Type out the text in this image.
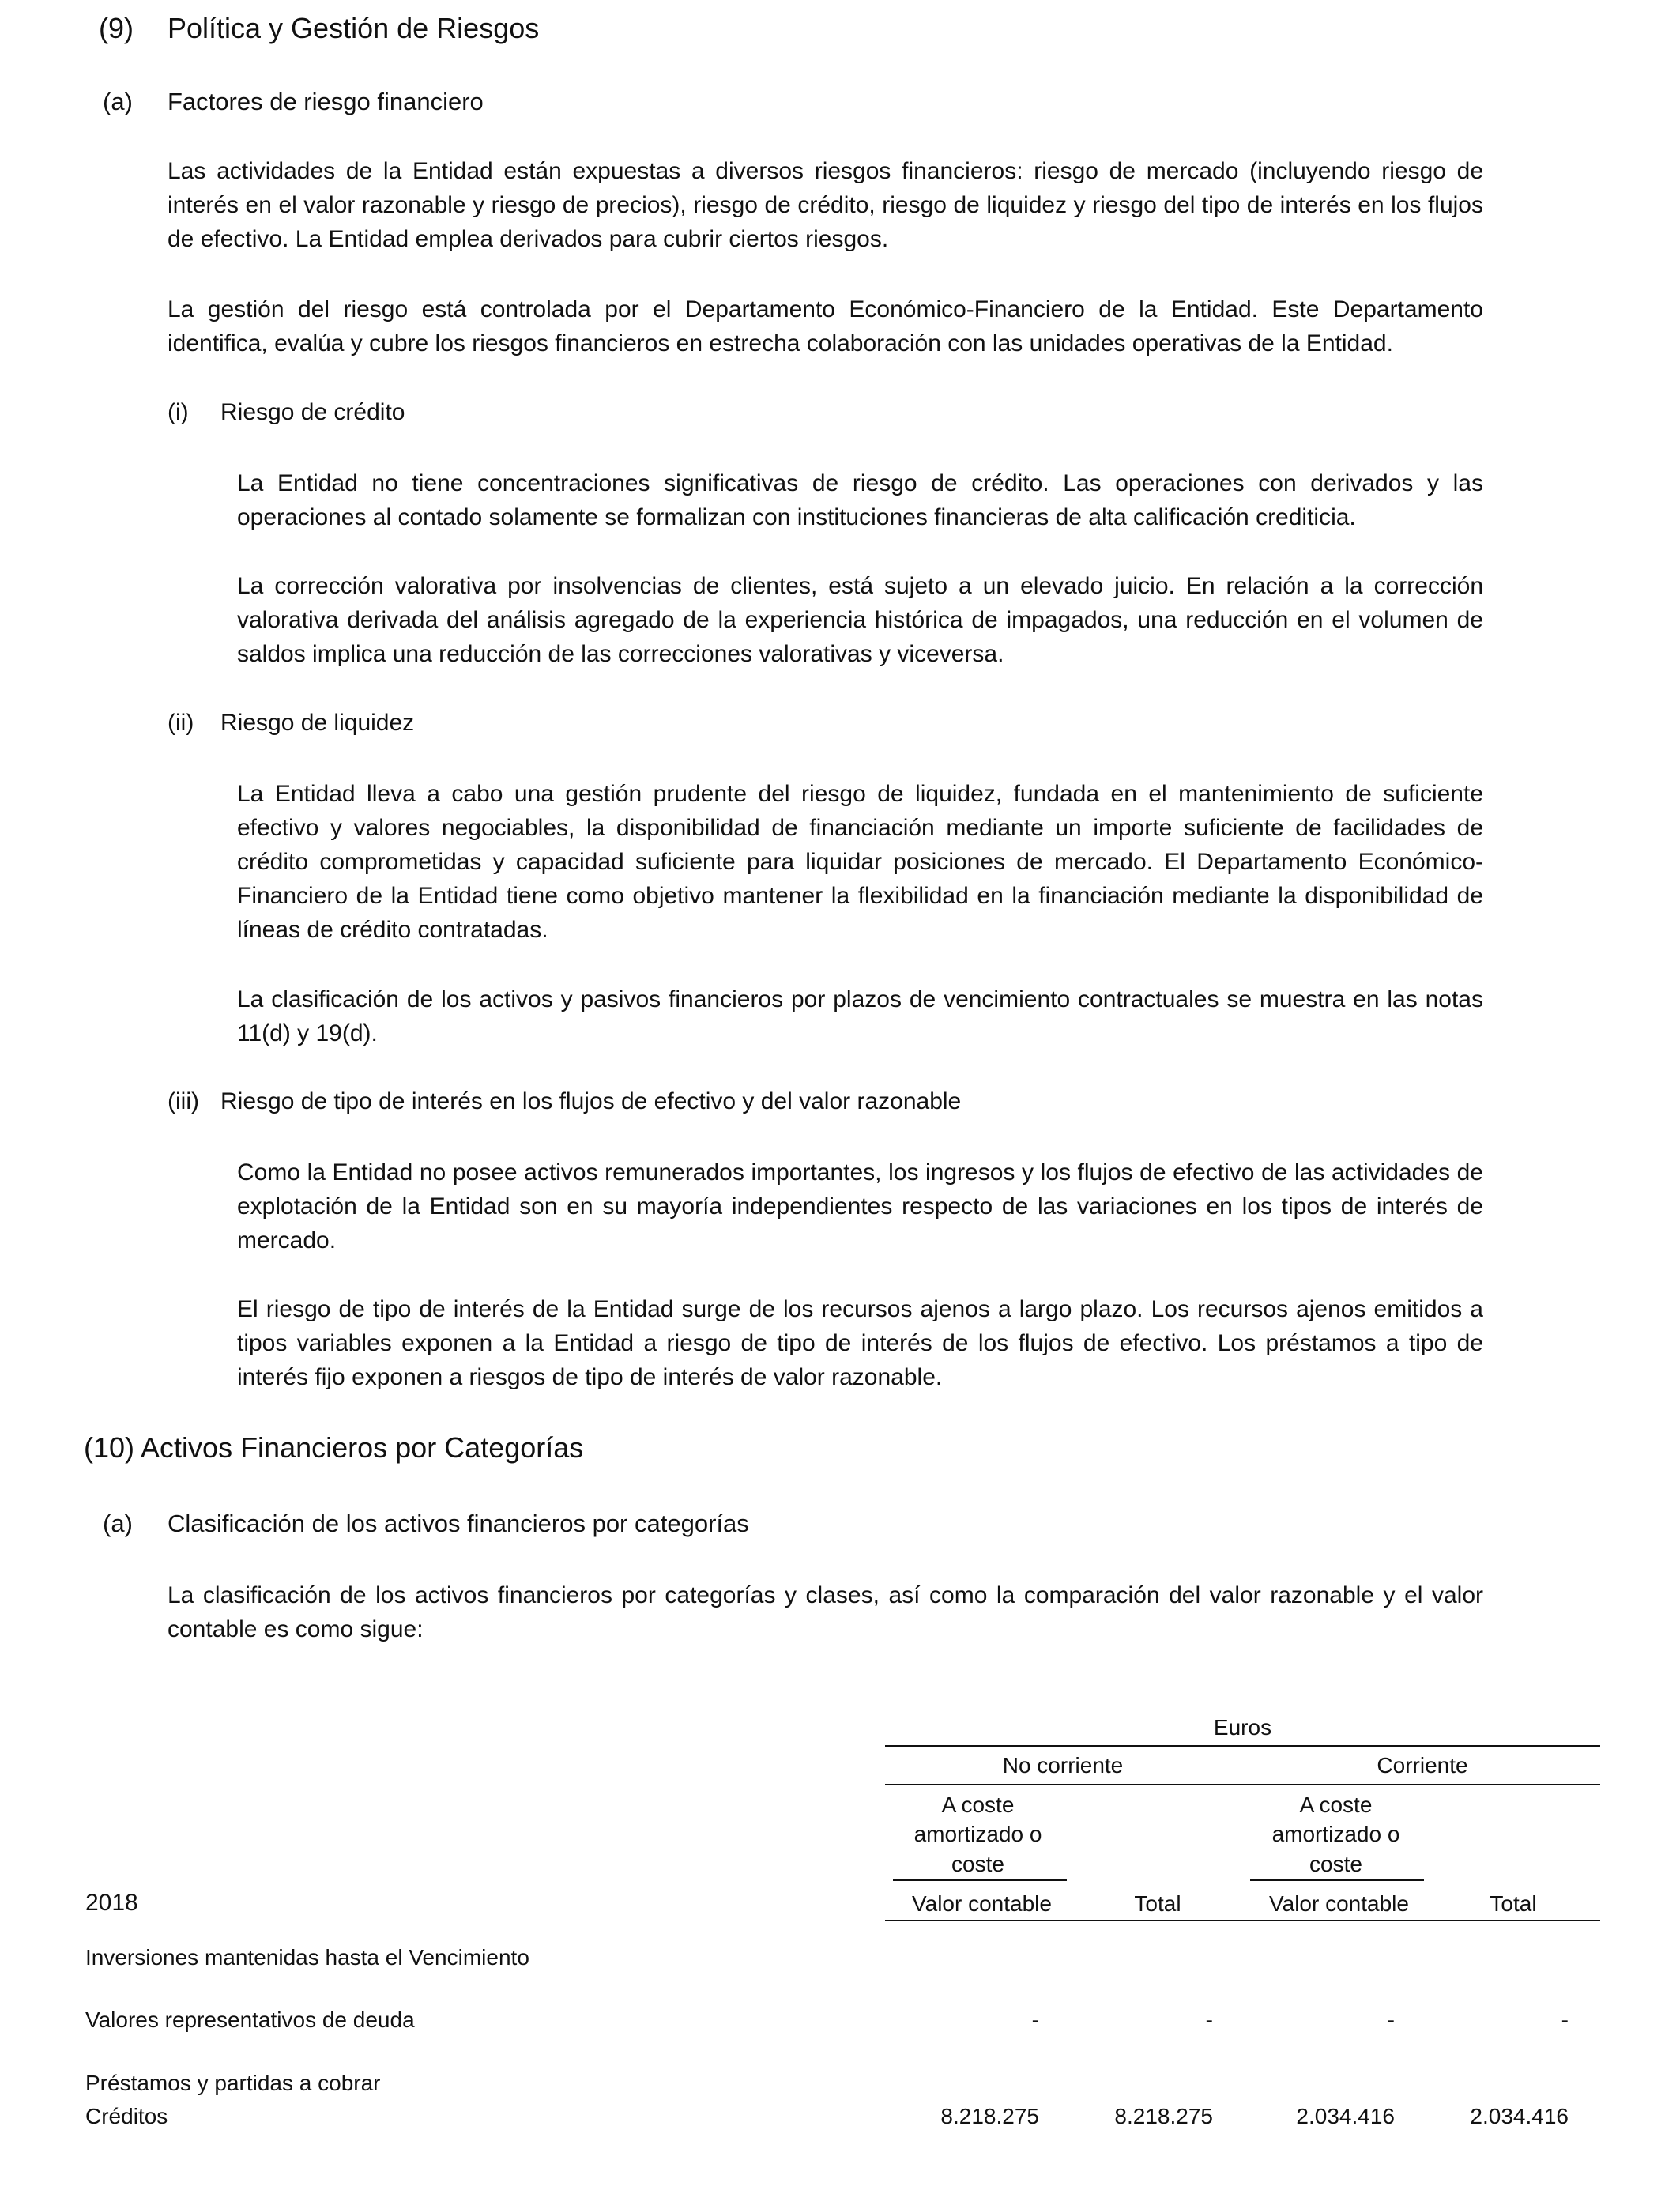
(9) Política y Gestión de Riesgos
(a) Factores de riesgo financiero
Las actividades de la Entidad están expuestas a diversos riesgos financieros: riesgo de mercado (incluyendo riesgo de interés en el valor razonable y riesgo de precios), riesgo de crédito, riesgo de liquidez y riesgo del tipo de interés en los flujos de efectivo. La Entidad emplea derivados para cubrir ciertos riesgos.
La gestión del riesgo está controlada por el Departamento Económico-Financiero de la Entidad. Este Departamento identifica, evalúa y cubre los riesgos financieros en estrecha colaboración con las unidades operativas de la Entidad.
(i) Riesgo de crédito
La Entidad no tiene concentraciones significativas de riesgo de crédito. Las operaciones con derivados y las operaciones al contado solamente se formalizan con instituciones financieras de alta calificación crediticia.
La corrección valorativa por insolvencias de clientes, está sujeto a un elevado juicio. En relación a la corrección valorativa derivada del análisis agregado de la experiencia histórica de impagados, una reducción en el volumen de saldos implica una reducción de las correcciones valorativas y viceversa.
(ii) Riesgo de liquidez
La Entidad lleva a cabo una gestión prudente del riesgo de liquidez, fundada en el mantenimiento de suficiente efectivo y valores negociables, la disponibilidad de financiación mediante un importe suficiente de facilidades de crédito comprometidas y capacidad suficiente para liquidar posiciones de mercado. El Departamento Económico-Financiero de la Entidad tiene como objetivo mantener la flexibilidad en la financiación mediante la disponibilidad de líneas de crédito contratadas.
La clasificación de los activos y pasivos financieros por plazos de vencimiento contractuales se muestra en las notas 11(d) y 19(d).
(iii) Riesgo de tipo de interés en los flujos de efectivo y del valor razonable
Como la Entidad no posee activos remunerados importantes, los ingresos y los flujos de efectivo de las actividades de explotación de la Entidad son en su mayoría independientes respecto de las variaciones en los tipos de interés de mercado.
El riesgo de tipo de interés de la Entidad surge de los recursos ajenos a largo plazo. Los recursos ajenos emitidos a tipos variables exponen a la Entidad a riesgo de tipo de interés de los flujos de efectivo. Los préstamos a tipo de interés fijo exponen a riesgos de tipo de interés de valor razonable.
(10) Activos Financieros por Categorías
(a) Clasificación de los activos financieros por categorías
La clasificación de los activos financieros por categorías y clases, así como la comparación del valor razonable y el valor contable es como sigue:
Euros
No corriente	Corriente
A coste
amortizado o
coste
A coste
amortizado o
coste
2018	Valor contable	Total	Valor contable	Total
Inversiones mantenidas hasta el Vencimiento
Valores representativos de deuda	-	-	-	-
Préstamos y partidas a cobrar
Créditos	8.218.275	8.218.275	2.034.416	2.034.416
